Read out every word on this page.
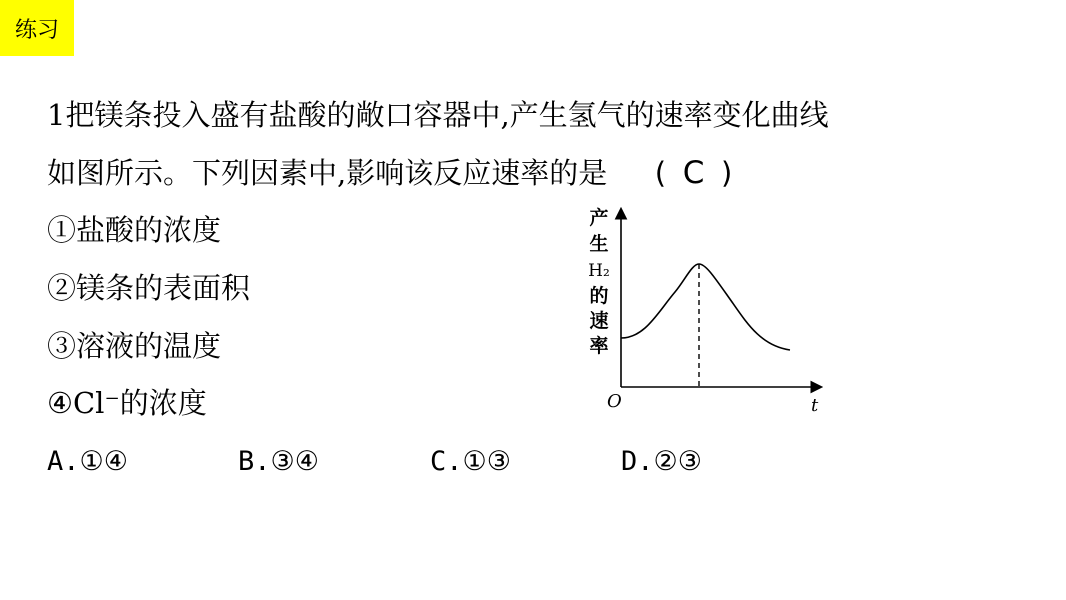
练习
1把镁条投入盛有盐酸的敞口容器中,产生氢气的速率变化曲线
如图所示。下列因素中,影响该反应速率的是 ( C )
①盐酸的浓度
②镁条的表面积
③溶液的温度
④Cl⁻的浓度
A.①④	B.③④	C.①③	D.②③
产
生
H₂
的
速
率
O	t
